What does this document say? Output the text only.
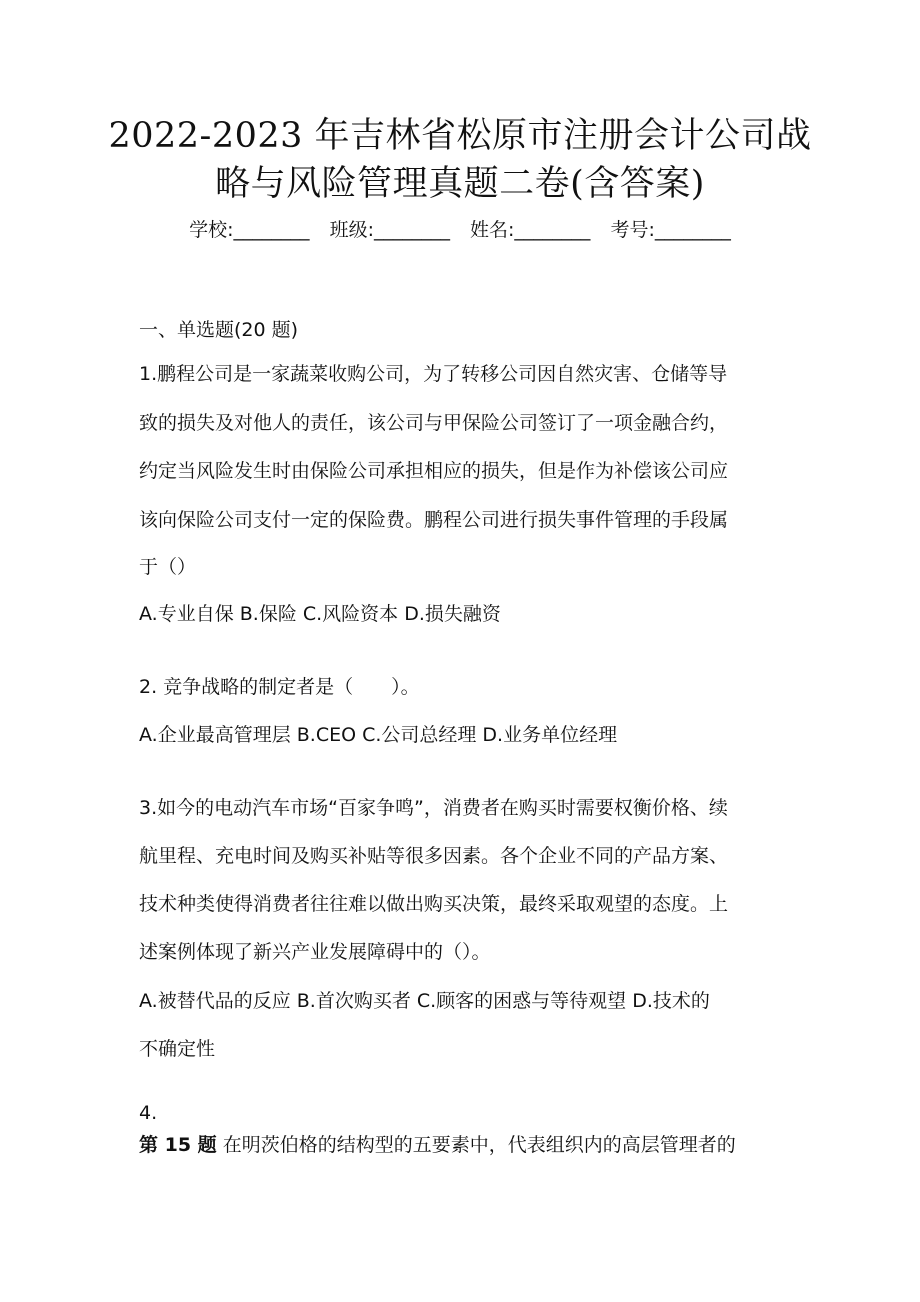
2022-2023 年吉林省松原市注册会计公司战
略与风险管理真题二卷(含答案)
学校:________ 班级:________ 姓名:________ 考号:________
一、单选题(20 题)
1.鹏程公司是一家蔬菜收购公司，为了转移公司因自然灾害、仓储等导
致的损失及对他人的责任，该公司与甲保险公司签订了一项金融合约，
约定当风险发生时由保险公司承担相应的损失，但是作为补偿该公司应
该向保险公司支付一定的保险费。鹏程公司进行损失事件管理的手段属
于（）
A.专业自保 B.保险 C.风险资本 D.损失融资
2. 竞争战略的制定者是（　　）。
A.企业最高管理层 B.CEO C.公司总经理 D.业务单位经理
3.如今的电动汽车市场“百家争鸣”，消费者在购买时需要权衡价格、续
航里程、充电时间及购买补贴等很多因素。各个企业不同的产品方案、
技术种类使得消费者往往难以做出购买决策，最终采取观望的态度。上
述案例体现了新兴产业发展障碍中的（）。
A.被替代品的反应 B.首次购买者 C.顾客的困惑与等待观望 D.技术的
不确定性
4.
第 15 题 在明茨伯格的结构型的五要素中，代表组织内的高层管理者的
